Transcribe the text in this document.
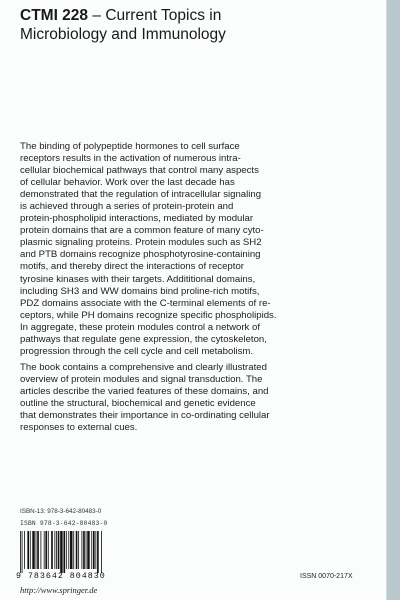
CTMI 228 – Current Topics in
Microbiology and Immunology

The binding of polypeptide hormones to cell surface
receptors results in the activation of numerous intra-
cellular biochemical pathways that control many aspects
of cellular behavior. Work over the last decade has
demonstrated that the regulation of intracellular signaling
is achieved through a series of protein-protein and
protein-phospholipid interactions, mediated by modular
protein domains that are a common feature of many cyto-
plasmic signaling proteins. Protein modules such as SH2
and PTB domains recognize phosphotyrosine-containing
motifs, and thereby direct the interactions of receptor
tyrosine kinases with their targets. Addititional domains,
including SH3 and WW domains bind proline-rich motifs,
PDZ domains associate with the C-terminal elements of re-
ceptors, while PH domains recognize specific phospholipids.
In aggregate, these protein modules control a network of
pathways that regulate gene expression, the cytoskeleton,
progression through the cell cycle and cell metabolism.

The book contains a comprehensive and clearly illustrated
overview of protein modules and signal transduction. The
articles describe the varied features of these domains, and
outline the structural, biochemical and genetic evidence
that demonstrates their importance in co-ordinating cellular
responses to external cues.

ISBN-13: 978-3-642-80483-0
ISBN 978-3-642-80483-0
9 783642 804830	ISSN 0070-217X
http://www.springer.de
